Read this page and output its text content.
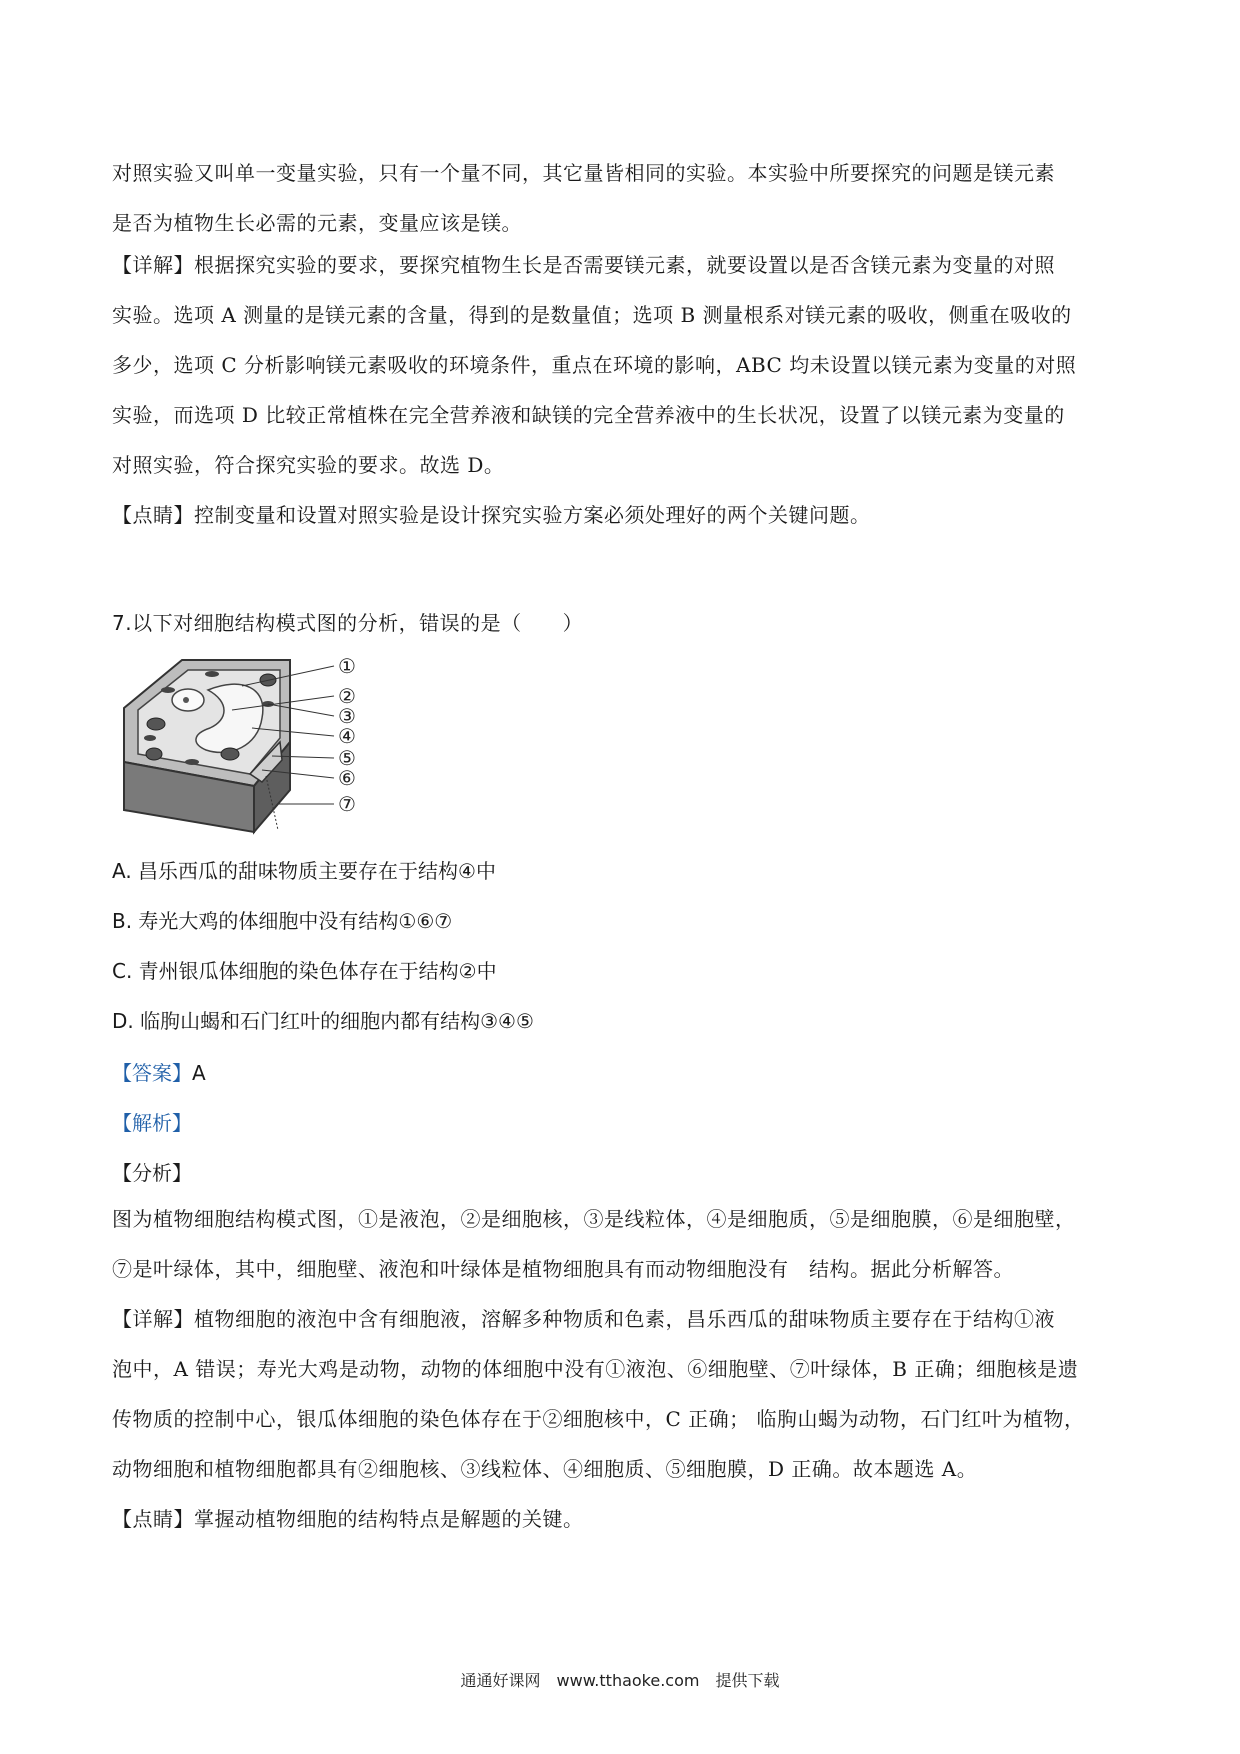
对照实验又叫单一变量实验，只有一个量不同，其它量皆相同的实验。本实验中所要探究的问题是镁元素
是否为植物生长必需的元素，变量应该是镁。
【详解】根据探究实验的要求，要探究植物生长是否需要镁元素，就要设置以是否含镁元素为变量的对照
实验。选项 A 测量的是镁元素的含量，得到的是数量值；选项 B 测量根系对镁元素的吸收，侧重在吸收的
多少，选项 C 分析影响镁元素吸收的环境条件，重点在环境的影响，ABC 均未设置以镁元素为变量的对照
实验，而选项 D 比较正常植株在完全营养液和缺镁的完全营养液中的生长状况，设置了以镁元素为变量的
对照实验，符合探究实验的要求。故选 D。
【点睛】控制变量和设置对照实验是设计探究实验方案必须处理好的两个关键问题。
7.以下对细胞结构模式图的分析，错误的是（　　）
①
②
③
④
⑤
⑥
⑦
A. 昌乐西瓜的甜味物质主要存在于结构④中
B. 寿光大鸡的体细胞中没有结构①⑥⑦
C. 青州银瓜体细胞的染色体存在于结构②中
D. 临朐山蝎和石门红叶的细胞内都有结构③④⑤
【答案】A
【解析】
【分析】
图为植物细胞结构模式图，①是液泡，②是细胞核，③是线粒体，④是细胞质，⑤是细胞膜，⑥是细胞壁，
⑦是叶绿体，其中，细胞壁、液泡和叶绿体是植物细胞具有而动物细胞没有　结构。据此分析解答。
【详解】植物细胞的液泡中含有细胞液，溶解多种物质和色素，昌乐西瓜的甜味物质主要存在于结构①液
泡中，A 错误；寿光大鸡是动物，动物的体细胞中没有①液泡、⑥细胞壁、⑦叶绿体，B 正确；细胞核是遗
传物质的控制中心，银瓜体细胞的染色体存在于②细胞核中，C 正确； 临朐山蝎为动物，石门红叶为植物，
动物细胞和植物细胞都具有②细胞核、③线粒体、④细胞质、⑤细胞膜，D 正确。故本题选 A。
【点睛】掌握动植物细胞的结构特点是解题的关键。
通通好课网　www.tthaoke.com　提供下载
